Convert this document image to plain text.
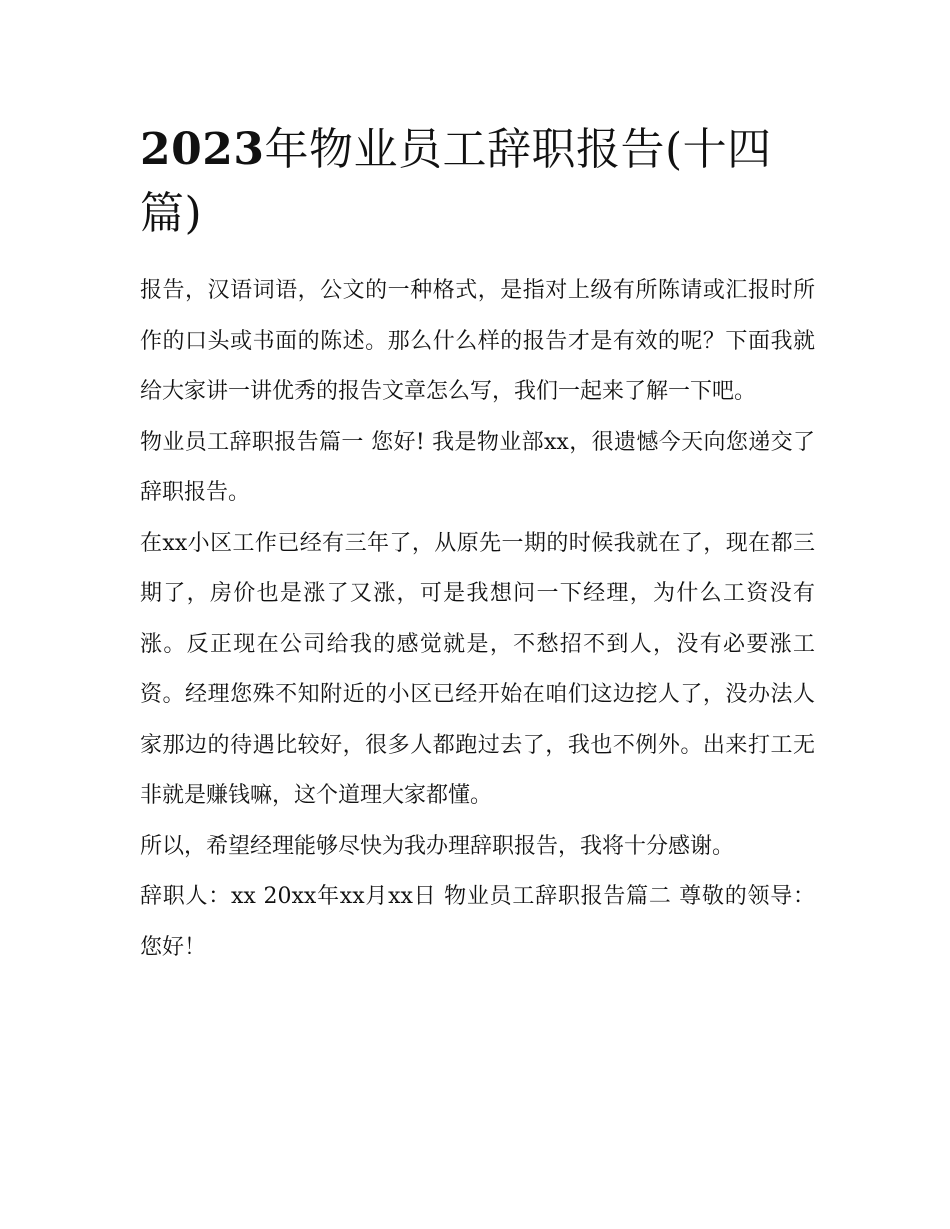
2023年物业员工辞职报告(十四篇)

报告，汉语词语，公文的一种格式，是指对上级有所陈请或汇报时所作的口头或书面的陈述。那么什么样的报告才是有效的呢？下面我就给大家讲一讲优秀的报告文章怎么写，我们一起来了解一下吧。

物业员工辞职报告篇一 您好! 我是物业部xx，很遗憾今天向您递交了辞职报告。

在xx小区工作已经有三年了，从原先一期的时候我就在了，现在都三期了，房价也是涨了又涨，可是我想问一下经理，为什么工资没有涨。反正现在公司给我的感觉就是，不愁招不到人，没有必要涨工资。经理您殊不知附近的小区已经开始在咱们这边挖人了，没办法人家那边的待遇比较好，很多人都跑过去了，我也不例外。出来打工无非就是赚钱嘛，这个道理大家都懂。

所以，希望经理能够尽快为我办理辞职报告，我将十分感谢。

辞职人：xx 20xx年xx月xx日 物业员工辞职报告篇二 尊敬的领导： 您好！
